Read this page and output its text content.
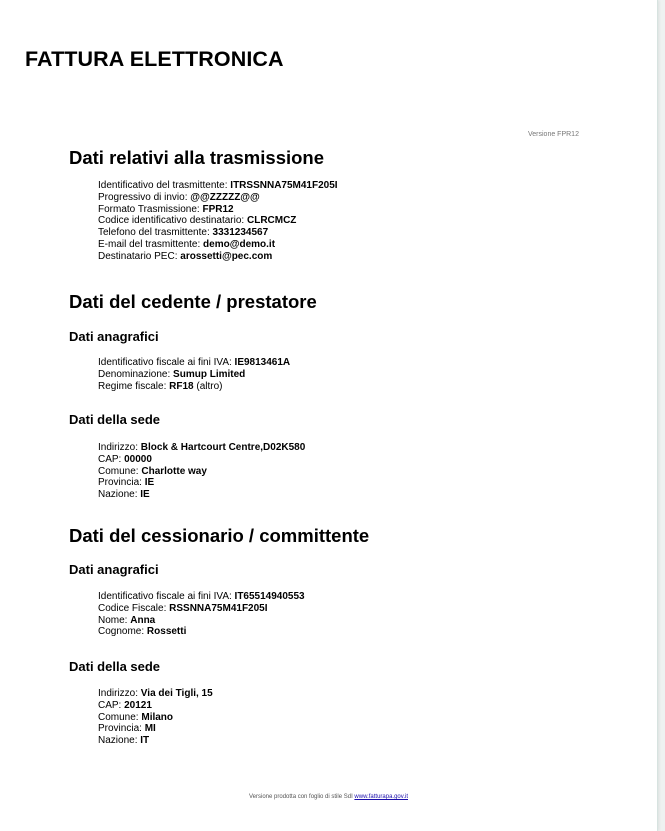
FATTURA ELETTRONICA
Versione FPR12
Dati relativi alla trasmissione
Identificativo del trasmittente: ITRSSNNA75M41F205I
Progressivo di invio: @@ZZZZZ@@
Formato Trasmissione: FPR12
Codice identificativo destinatario: CLRCMCZ
Telefono del trasmittente: 3331234567
E-mail del trasmittente: demo@demo.it
Destinatario PEC: arossetti@pec.com
Dati del cedente / prestatore
Dati anagrafici
Identificativo fiscale ai fini IVA: IE9813461A
Denominazione: Sumup Limited
Regime fiscale: RF18 (altro)
Dati della sede
Indirizzo: Block & Hartcourt Centre,D02K580
CAP: 00000
Comune: Charlotte way
Provincia: IE
Nazione: IE
Dati del cessionario / committente
Dati anagrafici
Identificativo fiscale ai fini IVA: IT65514940553
Codice Fiscale: RSSNNA75M41F205I
Nome: Anna
Cognome: Rossetti
Dati della sede
Indirizzo: Via dei Tigli, 15
CAP: 20121
Comune: Milano
Provincia: MI
Nazione: IT
Versione prodotta con foglio di stile SdI www.fatturapa.gov.it
